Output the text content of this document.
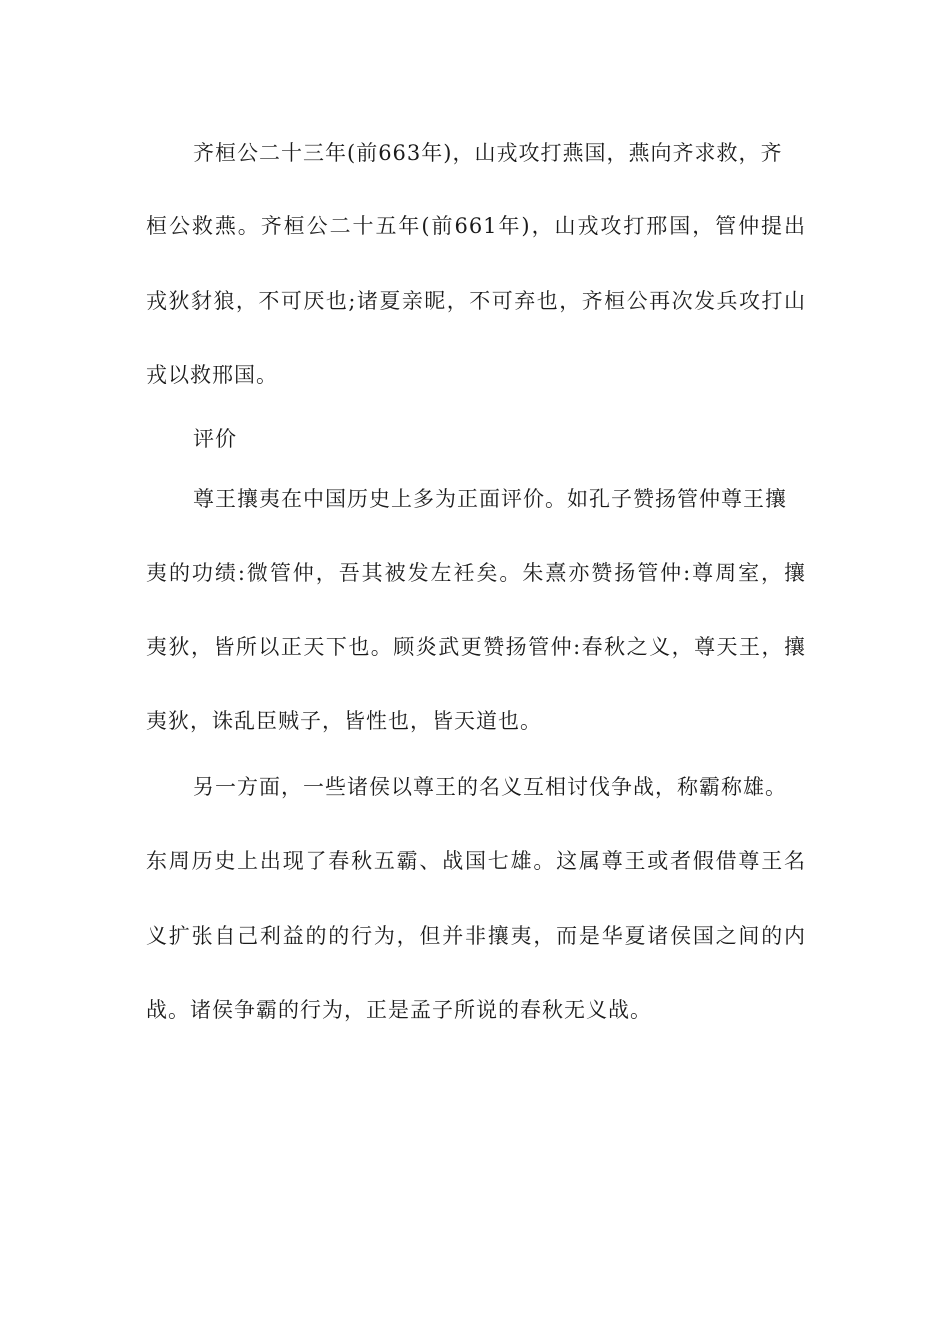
齐桓公二十三年(前663年)，山戎攻打燕国，燕向齐求救，齐
桓公救燕。齐桓公二十五年(前661年)，山戎攻打邢国，管仲提出
戎狄豺狼，不可厌也;诸夏亲昵，不可弃也，齐桓公再次发兵攻打山
戎以救邢国。
评价
尊王攘夷在中国历史上多为正面评价。如孔子赞扬管仲尊王攘
夷的功绩:微管仲，吾其被发左衽矣。朱熹亦赞扬管仲:尊周室，攘
夷狄，皆所以正天下也。顾炎武更赞扬管仲:春秋之义，尊天王，攘
夷狄，诛乱臣贼子，皆性也，皆天道也。
另一方面，一些诸侯以尊王的名义互相讨伐争战，称霸称雄。
东周历史上出现了春秋五霸、战国七雄。这属尊王或者假借尊王名
义扩张自己利益的的行为，但并非攘夷，而是华夏诸侯国之间的内
战。诸侯争霸的行为，正是孟子所说的春秋无义战。
